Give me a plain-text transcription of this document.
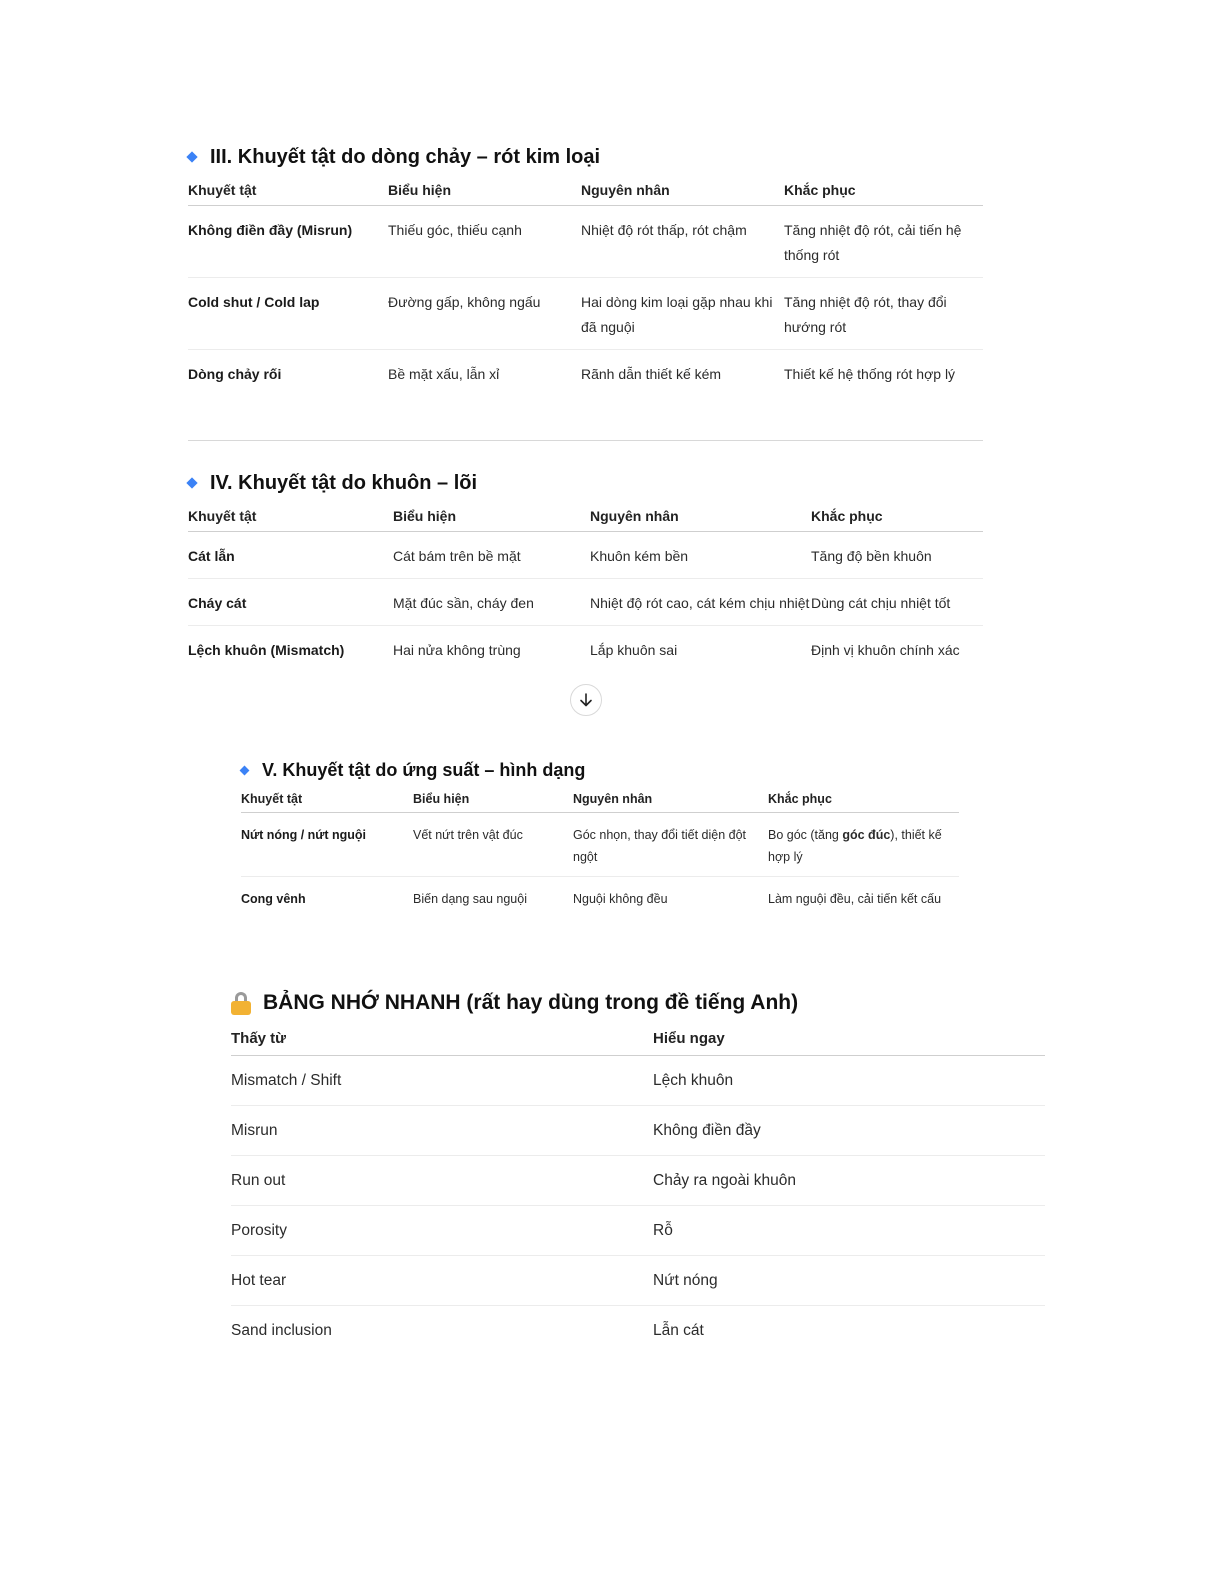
III. Khuyết tật do dòng chảy – rót kim loại
Khuyết tật	Biểu hiện	Nguyên nhân	Khắc phục
Không điền đầy (Misrun)	Thiếu góc, thiếu cạnh	Nhiệt độ rót thấp, rót chậm	Tăng nhiệt độ rót, cải tiến hệ thống rót
Cold shut / Cold lap	Đường gấp, không ngấu	Hai dòng kim loại gặp nhau khi đã nguội	Tăng nhiệt độ rót, thay đổi hướng rót
Dòng chảy rối	Bề mặt xấu, lẫn xỉ	Rãnh dẫn thiết kế kém	Thiết kế hệ thống rót hợp lý
IV. Khuyết tật do khuôn – lõi
Khuyết tật	Biểu hiện	Nguyên nhân	Khắc phục
Cát lẫn	Cát bám trên bề mặt	Khuôn kém bền	Tăng độ bền khuôn
Cháy cát	Mặt đúc sần, cháy đen	Nhiệt độ rót cao, cát kém chịu nhiệt	Dùng cát chịu nhiệt tốt
Lệch khuôn (Mismatch)	Hai nửa không trùng	Lắp khuôn sai	Định vị khuôn chính xác
V. Khuyết tật do ứng suất – hình dạng
Khuyết tật	Biểu hiện	Nguyên nhân	Khắc phục
Nứt nóng / nứt nguội	Vết nứt trên vật đúc	Góc nhọn, thay đổi tiết diện đột ngột	Bo góc (tăng góc đúc), thiết kế hợp lý
Cong vênh	Biến dạng sau nguội	Nguội không đều	Làm nguội đều, cải tiến kết cấu
BẢNG NHỚ NHANH (rất hay dùng trong đề tiếng Anh)
Thấy từ	Hiểu ngay
Mismatch / Shift	Lệch khuôn
Misrun	Không điền đầy
Run out	Chảy ra ngoài khuôn
Porosity	Rỗ
Hot tear	Nứt nóng
Sand inclusion	Lẫn cát
